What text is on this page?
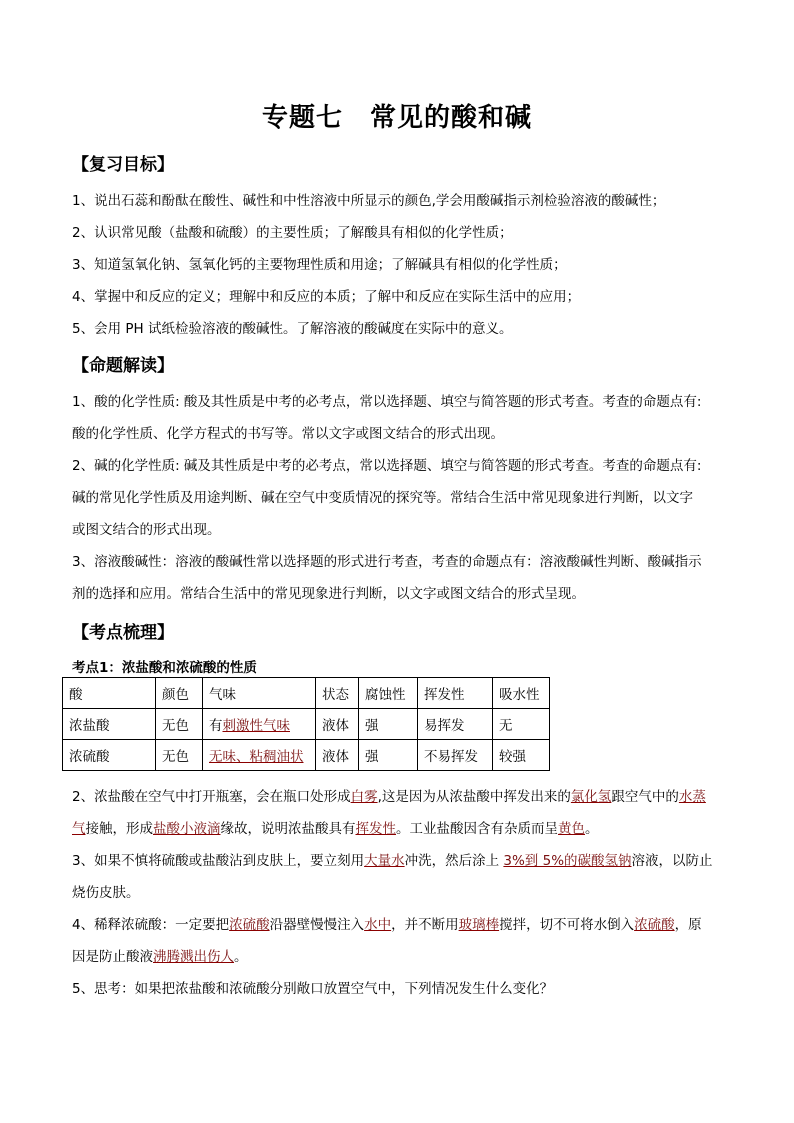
专题七　常见的酸和碱
【复习目标】
1、说出石蕊和酚酞在酸性、碱性和中性溶液中所显示的颜色,学会用酸碱指示剂检验溶液的酸碱性；
2、认识常见酸（盐酸和硫酸）的主要性质；了解酸具有相似的化学性质；
3、知道氢氧化钠、氢氧化钙的主要物理性质和用途；了解碱具有相似的化学性质；
4、掌握中和反应的定义；理解中和反应的本质；了解中和反应在实际生活中的应用；
5、会用 PH 试纸检验溶液的酸碱性。了解溶液的酸碱度在实际中的意义。
【命题解读】
1、酸的化学性质: 酸及其性质是中考的必考点，常以选择题、填空与简答题的形式考查。考查的命题点有:
酸的化学性质、化学方程式的书写等。常以文字或图文结合的形式出现。
2、碱的化学性质: 碱及其性质是中考的必考点，常以选择题、填空与简答题的形式考查。考查的命题点有:
碱的常见化学性质及用途判断、碱在空气中变质情况的探究等。常结合生活中常见现象进行判断，以文字
或图文结合的形式出现。
3、溶液酸碱性：溶液的酸碱性常以选择题的形式进行考查，考查的命题点有：溶液酸碱性判断、酸碱指示
剂的选择和应用。常结合生活中的常见现象进行判断，以文字或图文结合的形式呈现。
【考点梳理】
考点1：浓盐酸和浓硫酸的性质
酸	颜色	气味	状态	腐蚀性	挥发性	吸水性
浓盐酸	无色	有刺激性气味	液体	强	易挥发	无
浓硫酸	无色	无味、粘稠油状	液体	强	不易挥发	较强
2、浓盐酸在空气中打开瓶塞，会在瓶口处形成白雾,这是因为从浓盐酸中挥发出来的氯化氢跟空气中的水蒸
气接触，形成盐酸小液滴缘故，说明浓盐酸具有挥发性。工业盐酸因含有杂质而呈黄色。
3、如果不慎将硫酸或盐酸沾到皮肤上，要立刻用大量水冲洗，然后涂上 3%到 5%的碳酸氢钠溶液，以防止
烧伤皮肤。
4、稀释浓硫酸：一定要把浓硫酸沿器壁慢慢注入水中，并不断用玻璃棒搅拌，切不可将水倒入浓硫酸，原
因是防止酸液沸腾溅出伤人。
5、思考：如果把浓盐酸和浓硫酸分别敞口放置空气中，下列情况发生什么变化？
